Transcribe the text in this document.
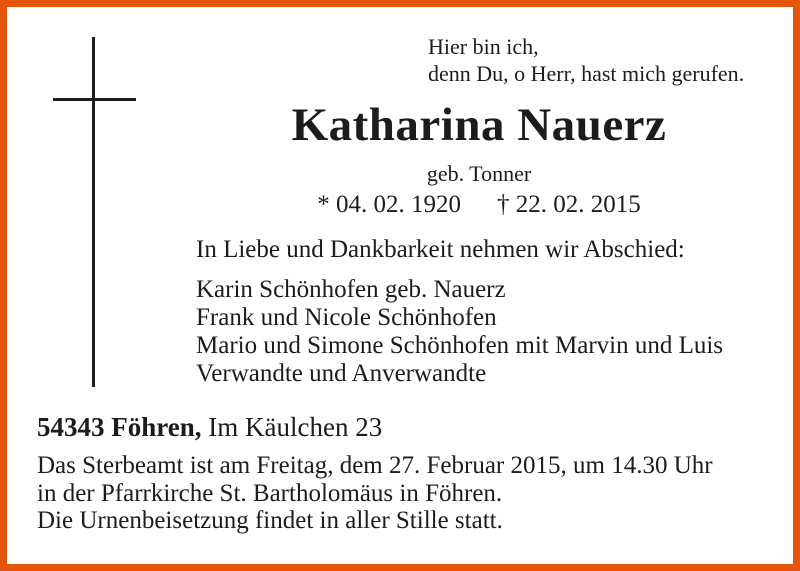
Hier bin ich,
denn Du, o Herr, hast mich gerufen.
Katharina Nauerz
geb. Tonner
* 04. 02. 1920 † 22. 02. 2015
In Liebe und Dankbarkeit nehmen wir Abschied:
Karin Schönhofen geb. Nauerz
Frank und Nicole Schönhofen
Mario und Simone Schönhofen mit Marvin und Luis
Verwandte und Anverwandte
54343 Föhren, Im Käulchen 23
Das Sterbeamt ist am Freitag, dem 27. Februar 2015, um 14.30 Uhr
in der Pfarrkirche St. Bartholomäus in Föhren.
Die Urnenbeisetzung findet in aller Stille statt.
